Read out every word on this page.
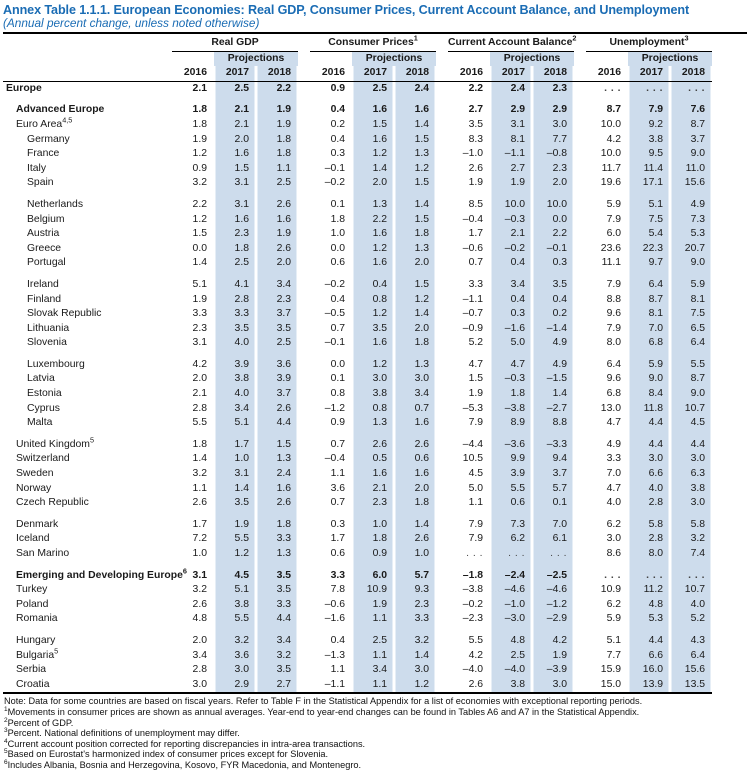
Annex Table 1.1.1. European Economies: Real GDP, Consumer Prices, Current Account Balance, and Unemployment
(Annual percent change, unless noted otherwise)
	Real GDP				Consumer Prices$^1$				Current Account Balance$^2$				Unemployment$^3$
		Projections				Projections				Projections				Projections	
	2016	2017	2018		2016	2017	2018		2016	2017	2018		2016	2017	2018
Europe	2.1	2.5	2.2		0.9	2.5	2.4		2.2	2.4	2.3		. . .	. . .	. . .
Advanced Europe	1.8	2.1	1.9		0.4	1.6	1.6		2.7	2.9	2.9		8.7	7.9	7.6
Euro Area$^{4,5}$	1.8	2.1	1.9		0.2	1.5	1.4		3.5	3.1	3.0		10.0	9.2	8.7
Germany	1.9	2.0	1.8		0.4	1.6	1.5		8.3	8.1	7.7		4.2	3.8	3.7
France	1.2	1.6	1.8		0.3	1.2	1.3		–1.0	–1.1	–0.8		10.0	9.5	9.0
Italy	0.9	1.5	1.1		–0.1	1.4	1.2		2.6	2.7	2.3		11.7	11.4	11.0
Spain	3.2	3.1	2.5		–0.2	2.0	1.5		1.9	1.9	2.0		19.6	17.1	15.6
Netherlands	2.2	3.1	2.6		0.1	1.3	1.4		8.5	10.0	10.0		5.9	5.1	4.9
Belgium	1.2	1.6	1.6		1.8	2.2	1.5		–0.4	–0.3	0.0		7.9	7.5	7.3
Austria	1.5	2.3	1.9		1.0	1.6	1.8		1.7	2.1	2.2		6.0	5.4	5.3
Greece	0.0	1.8	2.6		0.0	1.2	1.3		–0.6	–0.2	–0.1		23.6	22.3	20.7
Portugal	1.4	2.5	2.0		0.6	1.6	2.0		0.7	0.4	0.3		11.1	9.7	9.0
Ireland	5.1	4.1	3.4		–0.2	0.4	1.5		3.3	3.4	3.5		7.9	6.4	5.9
Finland	1.9	2.8	2.3		0.4	0.8	1.2		–1.1	0.4	0.4		8.8	8.7	8.1
Slovak Republic	3.3	3.3	3.7		–0.5	1.2	1.4		–0.7	0.3	0.2		9.6	8.1	7.5
Lithuania	2.3	3.5	3.5		0.7	3.5	2.0		–0.9	–1.6	–1.4		7.9	7.0	6.5
Slovenia	3.1	4.0	2.5		–0.1	1.6	1.8		5.2	5.0	4.9		8.0	6.8	6.4
Luxembourg	4.2	3.9	3.6		0.0	1.2	1.3		4.7	4.7	4.9		6.4	5.9	5.5
Latvia	2.0	3.8	3.9		0.1	3.0	3.0		1.5	–0.3	–1.5		9.6	9.0	8.7
Estonia	2.1	4.0	3.7		0.8	3.8	3.4		1.9	1.8	1.4		6.8	8.4	9.0
Cyprus	2.8	3.4	2.6		–1.2	0.8	0.7		–5.3	–3.8	–2.7		13.0	11.8	10.7
Malta	5.5	5.1	4.4		0.9	1.3	1.6		7.9	8.9	8.8		4.7	4.4	4.5
United Kingdom$^5$	1.8	1.7	1.5		0.7	2.6	2.6		–4.4	–3.6	–3.3		4.9	4.4	4.4
Switzerland	1.4	1.0	1.3		–0.4	0.5	0.6		10.5	9.9	9.4		3.3	3.0	3.0
Sweden	3.2	3.1	2.4		1.1	1.6	1.6		4.5	3.9	3.7		7.0	6.6	6.3
Norway	1.1	1.4	1.6		3.6	2.1	2.0		5.0	5.5	5.7		4.7	4.0	3.8
Czech Republic	2.6	3.5	2.6		0.7	2.3	1.8		1.1	0.6	0.1		4.0	2.8	3.0
Denmark	1.7	1.9	1.8		0.3	1.0	1.4		7.9	7.3	7.0		6.2	5.8	5.8
Iceland	7.2	5.5	3.3		1.7	1.8	2.6		7.9	6.2	6.1		3.0	2.8	3.2
San Marino	1.0	1.2	1.3		0.6	0.9	1.0		. . .	. . .	. . .		8.6	8.0	7.4
Emerging and Developing Europe$^6$	3.1	4.5	3.5		3.3	6.0	5.7		–1.8	–2.4	–2.5		. . .	. . .	. . .
Turkey	3.2	5.1	3.5		7.8	10.9	9.3		–3.8	–4.6	–4.6		10.9	11.2	10.7
Poland	2.6	3.8	3.3		–0.6	1.9	2.3		–0.2	–1.0	–1.2		6.2	4.8	4.0
Romania	4.8	5.5	4.4		–1.6	1.1	3.3		–2.3	–3.0	–2.9		5.9	5.3	5.2
Hungary	2.0	3.2	3.4		0.4	2.5	3.2		5.5	4.8	4.2		5.1	4.4	4.3
Bulgaria$^5$	3.4	3.6	3.2		–1.3	1.1	1.4		4.2	2.5	1.9		7.7	6.6	6.4
Serbia	2.8	3.0	3.5		1.1	3.4	3.0		–4.0	–4.0	–3.9		15.9	16.0	15.6
Croatia	3.0	2.9	2.7		–1.1	1.1	1.2		2.6	3.8	3.0		15.0	13.9	13.5

Note: Data for some countries are based on fiscal years. Refer to Table F in the Statistical Appendix for a list of economies with exceptional reporting periods.

$^1$Movements in consumer prices are shown as annual averages. Year-end to year-end changes can be found in Tables A6 and A7 in the Statistical Appendix.

$^2$Percent of GDP.

$^3$Percent. National definitions of unemployment may differ.

$^4$Current account position corrected for reporting discrepancies in intra-area transactions.

$^5$Based on Eurostat's harmonized index of consumer prices except for Slovenia.

$^6$Includes Albania, Bosnia and Herzegovina, Kosovo, FYR Macedonia, and Montenegro.
